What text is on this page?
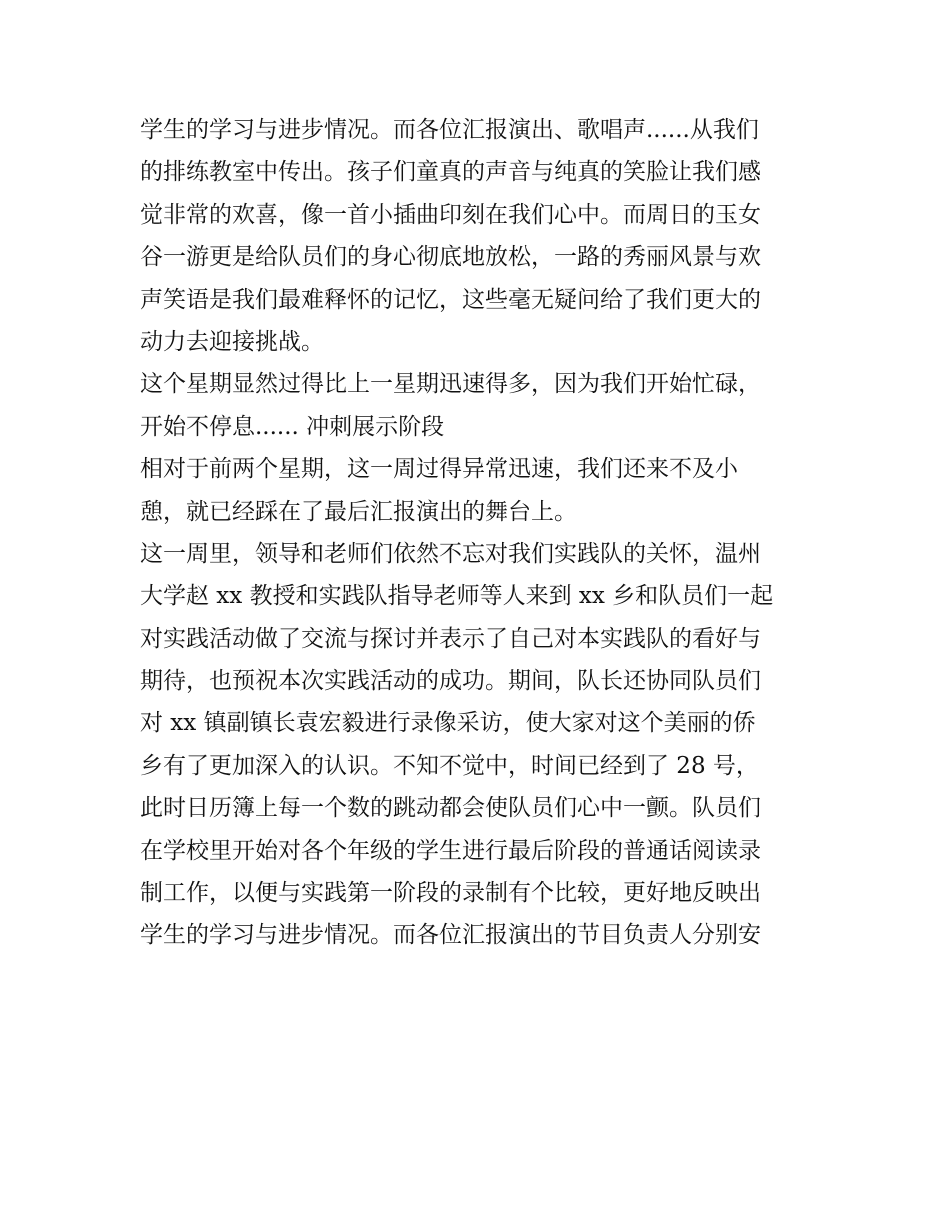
学生的学习与进步情况。而各位汇报演出、歌唱声......从我们
的排练教室中传出。孩子们童真的声音与纯真的笑脸让我们感
觉非常的欢喜，像一首小插曲印刻在我们心中。而周日的玉女
谷一游更是给队员们的身心彻底地放松，一路的秀丽风景与欢
声笑语是我们最难释怀的记忆，这些毫无疑问给了我们更大的
动力去迎接挑战。
这个星期显然过得比上一星期迅速得多，因为我们开始忙碌，
开始不停息...... 冲刺展示阶段
相对于前两个星期，这一周过得异常迅速，我们还来不及小
憩，就已经踩在了最后汇报演出的舞台上。
这一周里，领导和老师们依然不忘对我们实践队的关怀，温州
大学赵 xx 教授和实践队指导老师等人来到 xx 乡和队员们一起
对实践活动做了交流与探讨并表示了自己对本实践队的看好与
期待，也预祝本次实践活动的成功。期间，队长还协同队员们
对 xx 镇副镇长袁宏毅进行录像采访，使大家对这个美丽的侨
乡有了更加深入的认识。不知不觉中，时间已经到了 28 号，
此时日历簿上每一个数的跳动都会使队员们心中一颤。队员们
在学校里开始对各个年级的学生进行最后阶段的普通话阅读录
制工作，以便与实践第一阶段的录制有个比较，更好地反映出
学生的学习与进步情况。而各位汇报演出的节目负责人分别安
